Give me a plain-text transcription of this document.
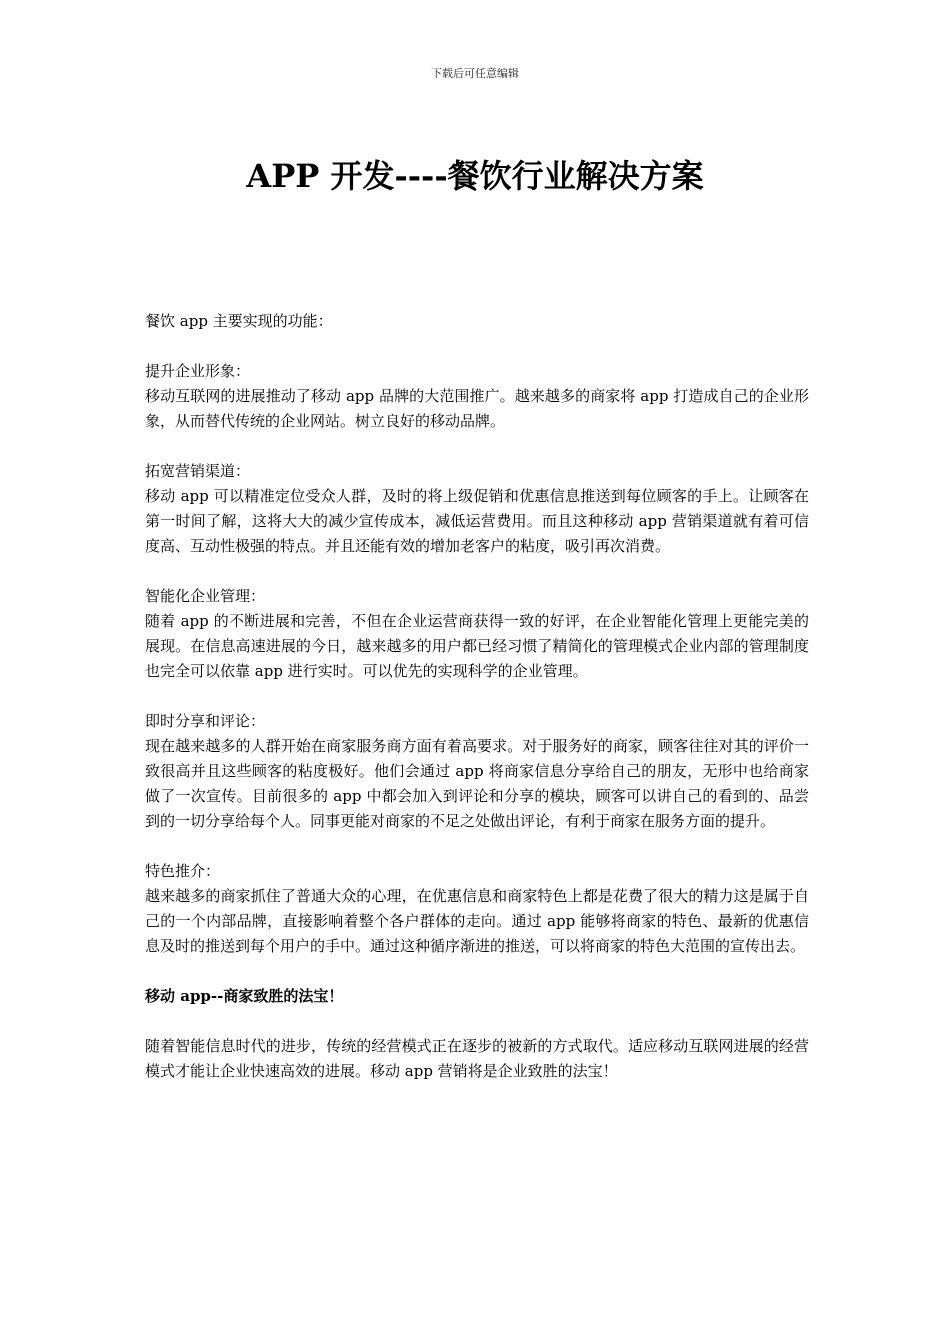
下载后可任意编辑
APP 开发----餐饮行业解决方案

餐饮 app 主要实现的功能：

提升企业形象：

移动互联网的进展推动了移动 app 品牌的大范围推广。越来越多的商家将 app 打造成自己的企业形象，从而替代传统的企业网站。树立良好的移动品牌。

拓宽营销渠道：

移动 app 可以精准定位受众人群，及时的将上级促销和优惠信息推送到每位顾客的手上。让顾客在第一时间了解，这将大大的减少宣传成本，减低运营费用。而且这种移动 app 营销渠道就有着可信度高、互动性极强的特点。并且还能有效的增加老客户的粘度，吸引再次消费。

智能化企业管理：

随着 app 的不断进展和完善，不但在企业运营商获得一致的好评，在企业智能化管理上更能完美的展现。在信息高速进展的今日，越来越多的用户都已经习惯了精简化的管理模式企业内部的管理制度也完全可以依靠 app 进行实时。可以优先的实现科学的企业管理。

即时分享和评论：

现在越来越多的人群开始在商家服务商方面有着高要求。对于服务好的商家，顾客往往对其的评价一致很高并且这些顾客的粘度极好。他们会通过 app 将商家信息分享给自己的朋友，无形中也给商家做了一次宣传。目前很多的 app 中都会加入到评论和分享的模块，顾客可以讲自己的看到的、品尝到的一切分享给每个人。同事更能对商家的不足之处做出评论，有利于商家在服务方面的提升。

特色推介：

越来越多的商家抓住了普通大众的心理，在优惠信息和商家特色上都是花费了很大的精力这是属于自己的一个内部品牌，直接影响着整个各户群体的走向。通过 app 能够将商家的特色、最新的优惠信息及时的推送到每个用户的手中。通过这种循序渐进的推送，可以将商家的特色大范围的宣传出去。

移动 app--商家致胜的法宝！

随着智能信息时代的进步，传统的经营模式正在逐步的被新的方式取代。适应移动互联网进展的经营模式才能让企业快速高效的进展。移动 app 营销将是企业致胜的法宝！
